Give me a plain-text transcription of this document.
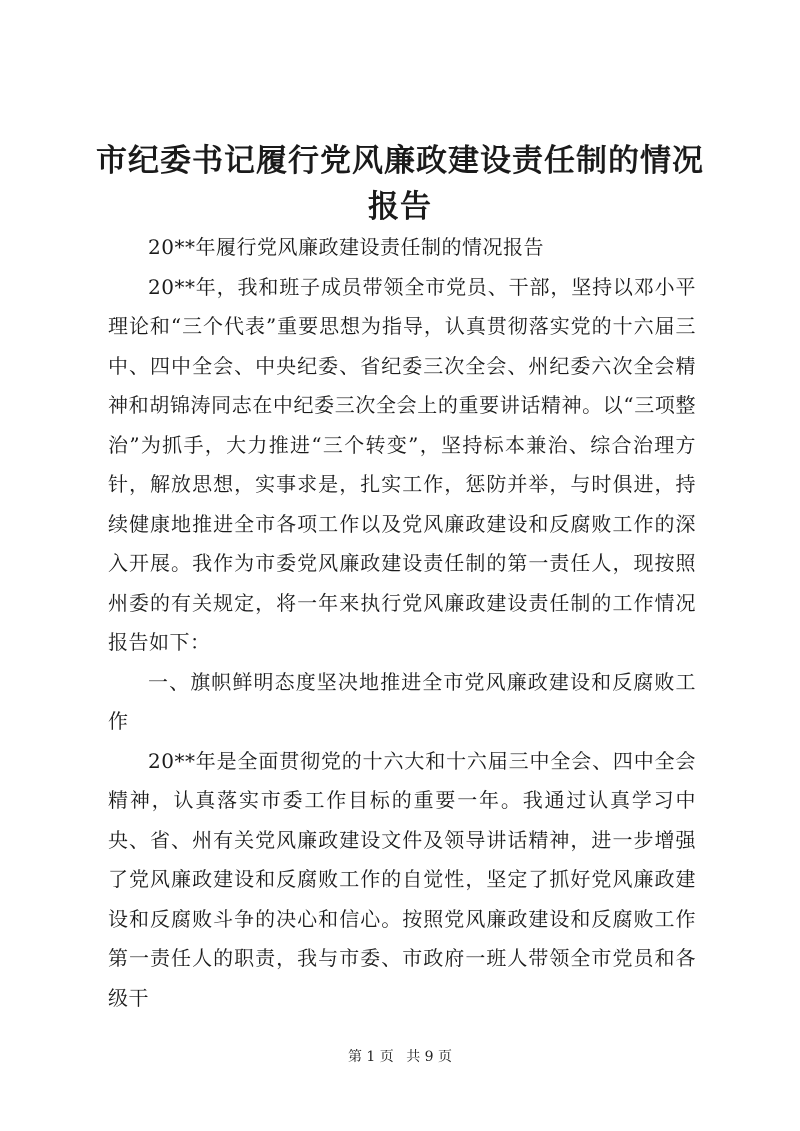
市纪委书记履行党风廉政建设责任制的情况报告

20**年履行党风廉政建设责任制的情况报告

20**年，我和班子成员带领全市党员、干部，坚持以邓小平理论和“三个代表”重要思想为指导，认真贯彻落实党的十六届三中、四中全会、中央纪委、省纪委三次全会、州纪委六次全会精神和胡锦涛同志在中纪委三次全会上的重要讲话精神。以“三项整治”为抓手，大力推进“三个转变”，坚持标本兼治、综合治理方针，解放思想，实事求是，扎实工作，惩防并举，与时俱进，持续健康地推进全市各项工作以及党风廉政建设和反腐败工作的深入开展。我作为市委党风廉政建设责任制的第一责任人，现按照州委的有关规定，将一年来执行党风廉政建设责任制的工作情况报告如下：

一、旗帜鲜明态度坚决地推进全市党风廉政建设和反腐败工作

20**年是全面贯彻党的十六大和十六届三中全会、四中全会精神，认真落实市委工作目标的重要一年。我通过认真学习中央、省、州有关党风廉政建设文件及领导讲话精神，进一步增强了党风廉政建设和反腐败工作的自觉性，坚定了抓好党风廉政建设和反腐败斗争的决心和信心。按照党风廉政建设和反腐败工作第一责任人的职责，我与市委、市政府一班人带领全市党员和各级干

第 1 页 共 9 页
